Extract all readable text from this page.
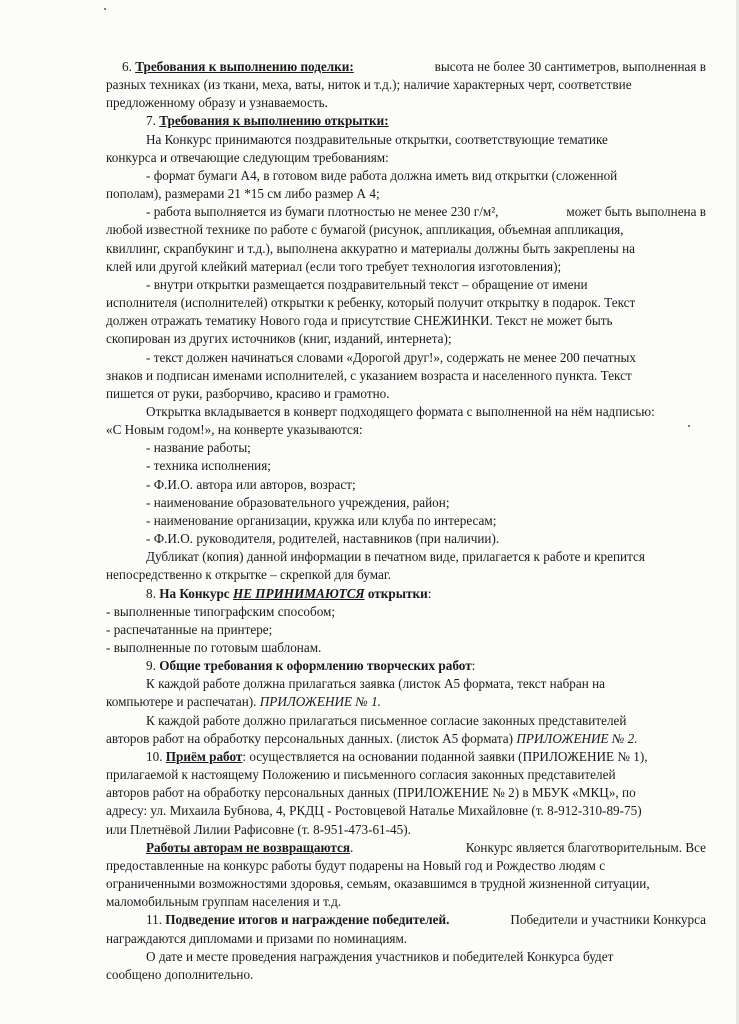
6. Требования к выполнению поделки:	высота не более 30 сантиметров, выполненная в

разных техниках (из ткани, меха, ваты, ниток и т.д.); наличие характерных черт, соответствие

предложенному образу и узнаваемость.

7. Требования к выполнению открытки:

На Конкурс принимаются поздравительные открытки, соответствующие тематике

конкурса и отвечающие следующим требованиям:

- формат бумаги А4, в готовом виде работа должна иметь вид открытки (сложенной

пополам), размерами 21 *15 см либо размер А 4;

- работа выполняется из бумаги плотностью не менее 230 г/м²,	может быть выполнена в

любой известной технике по работе с бумагой (рисунок, аппликация, объемная аппликация,

квиллинг, скрапбукинг и т.д.), выполнена аккуратно и материалы должны быть закреплены на

клей или другой клейкий материал (если того требует технология изготовления);

- внутри открытки размещается поздравительный текст – обращение от имени

исполнителя (исполнителей) открытки к ребенку, который получит открытку в подарок. Текст

должен отражать тематику Нового года и присутствие СНЕЖИНКИ. Текст не может быть

скопирован из других источников (книг, изданий, интернета);

- текст должен начинаться словами «Дорогой друг!», содержать не менее 200 печатных

знаков и подписан именами исполнителей, с указанием возраста и населенного пункта. Текст

пишется от руки, разборчиво, красиво и грамотно.

Открытка вкладывается в конверт подходящего формата с выполненной на нём надписью:

«С Новым годом!», на конверте указываются:

- название работы;

- техника исполнения;

- Ф.И.О. автора или авторов, возраст;

- наименование образовательного учреждения, район;

- наименование организации, кружка или клуба по интересам;

- Ф.И.О. руководителя, родителей, наставников (при наличии).

Дубликат (копия) данной информации в печатном виде, прилагается к работе и крепится

непосредственно к открытке – скрепкой для бумаг.

8. На Конкурс НЕ ПРИНИМАЮТСЯ открытки:

- выполненные типографским способом;

- распечатанные на принтере;

- выполненные по готовым шаблонам.

9. Общие требования к оформлению творческих работ:

К каждой работе должна прилагаться заявка (листок А5 формата, текст набран на

компьютере и распечатан). ПРИЛОЖЕНИЕ № 1.

К каждой работе должно прилагаться письменное согласие законных представителей

авторов работ на обработку персональных данных. (листок А5 формата) ПРИЛОЖЕНИЕ № 2.

10. Приём работ: осуществляется на основании поданной заявки (ПРИЛОЖЕНИЕ № 1),

прилагаемой к настоящему Положению и письменного согласия законных представителей

авторов работ на обработку персональных данных (ПРИЛОЖЕНИЕ № 2) в МБУК «МКЦ», по

адресу: ул. Михаила Бубнова, 4, РКДЦ - Ростовцевой Наталье Михайловне (т. 8-912-310-89-75)

или Плетнёвой Лилии Рафисовне (т. 8-951-473-61-45).

Работы авторам не возвращаются.	Конкурс является благотворительным. Все

предоставленные на конкурс работы будут подарены на Новый год и Рождество людям с

ограниченными возможностями здоровья, семьям, оказавшимся в трудной жизненной ситуации,

маломобильным группам населения и т.д.

11. Подведение итогов и награждение победителей.	Победители и участники Конкурса

награждаются дипломами и призами по номинациям.

О дате и месте проведения награждения участников и победителей Конкурса будет

сообщено дополнительно.
